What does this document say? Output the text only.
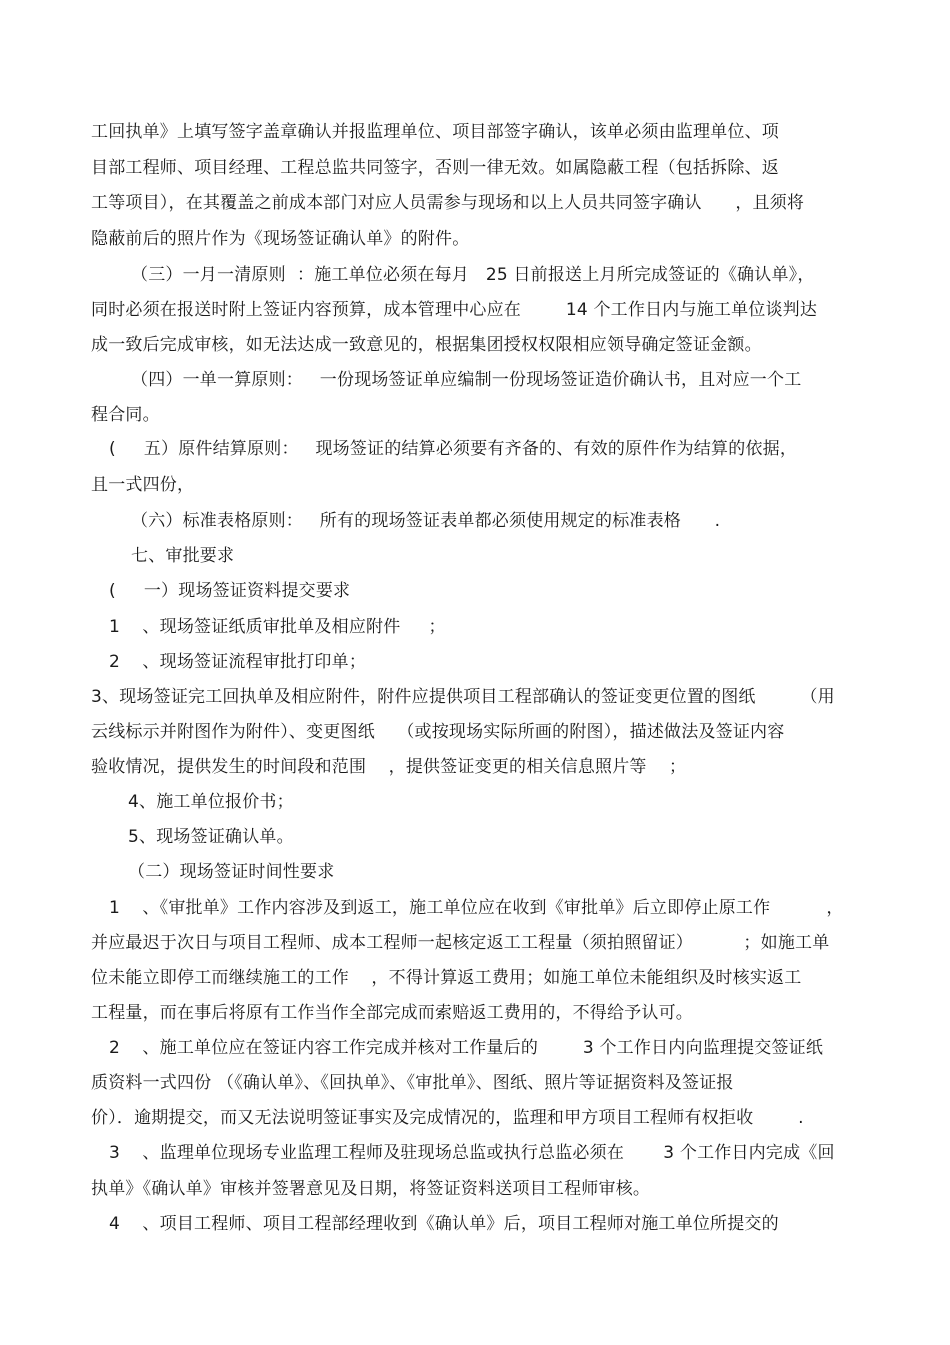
工回执单》上填写签字盖章确认并报监理单位、项目部签字确认，该单必须由监理单位、项
目部工程师、项目经理、工程总监共同签字，否则一律无效。如属隐蔽工程（包括拆除、返
工等项目），在其覆盖之前成本部门对应人员需参与现场和以上人员共同签字确认      ，且须将
隐蔽前后的照片作为《现场签证确认单》的附件。
（三）一月一清原则  ：施工单位必须在每月   25 日前报送上月所完成签证的《确认单》，
同时必须在报送时附上签证内容预算，成本管理中心应在        14 个工作日内与施工单位谈判达
成一致后完成审核，如无法达成一致意见的，根据集团授权权限相应领导确定签证金额。
（四）一单一算原则：   一份现场签证单应编制一份现场签证造价确认书，且对应一个工
程合同。
(     五）原件结算原则：   现场签证的结算必须要有齐备的、有效的原件作为结算的依据，
且一式四份，
（六）标准表格原则：   所有的现场签证表单都必须使用规定的标准表格      .
七、审批要求
(     一）现场签证资料提交要求
1    、现场签证纸质审批单及相应附件     ；
2    、现场签证流程审批打印单；
3、现场签证完工回执单及相应附件，附件应提供项目工程部确认的签证变更位置的图纸        （用
云线标示并附图作为附件）、变更图纸    （或按现场实际所画的附图），描述做法及签证内容
验收情况，提供发生的时间段和范围    ，提供签证变更的相关信息照片等    ；
4、施工单位报价书；
5、现场签证确认单。
（二）现场签证时间性要求
1    、《审批单》工作内容涉及到返工，施工单位应在收到《审批单》后立即停止原工作          ，
并应最迟于次日与项目工程师、成本工程师一起核定返工工程量（须拍照留证）         ；如施工单
位未能立即停工而继续施工的工作    ，不得计算返工费用；如施工单位未能组织及时核实返工
工程量，而在事后将原有工作当作全部完成而索赔返工费用的，不得给予认可。
2    、施工单位应在签证内容工作完成并核对工作量后的        3 个工作日内向监理提交签证纸
质资料一式四份 （《确认单》、《回执单》、《审批单》、图纸、照片等证据资料及签证报
价）．逾期提交，而又无法说明签证事实及完成情况的，监理和甲方项目工程师有权拒收        .
3    、监理单位现场专业监理工程师及驻现场总监或执行总监必须在       3 个工作日内完成《回
执单》《确认单》审核并签署意见及日期，将签证资料送项目工程师审核。
4    、项目工程师、项目工程部经理收到《确认单》后，项目工程师对施工单位所提交的
